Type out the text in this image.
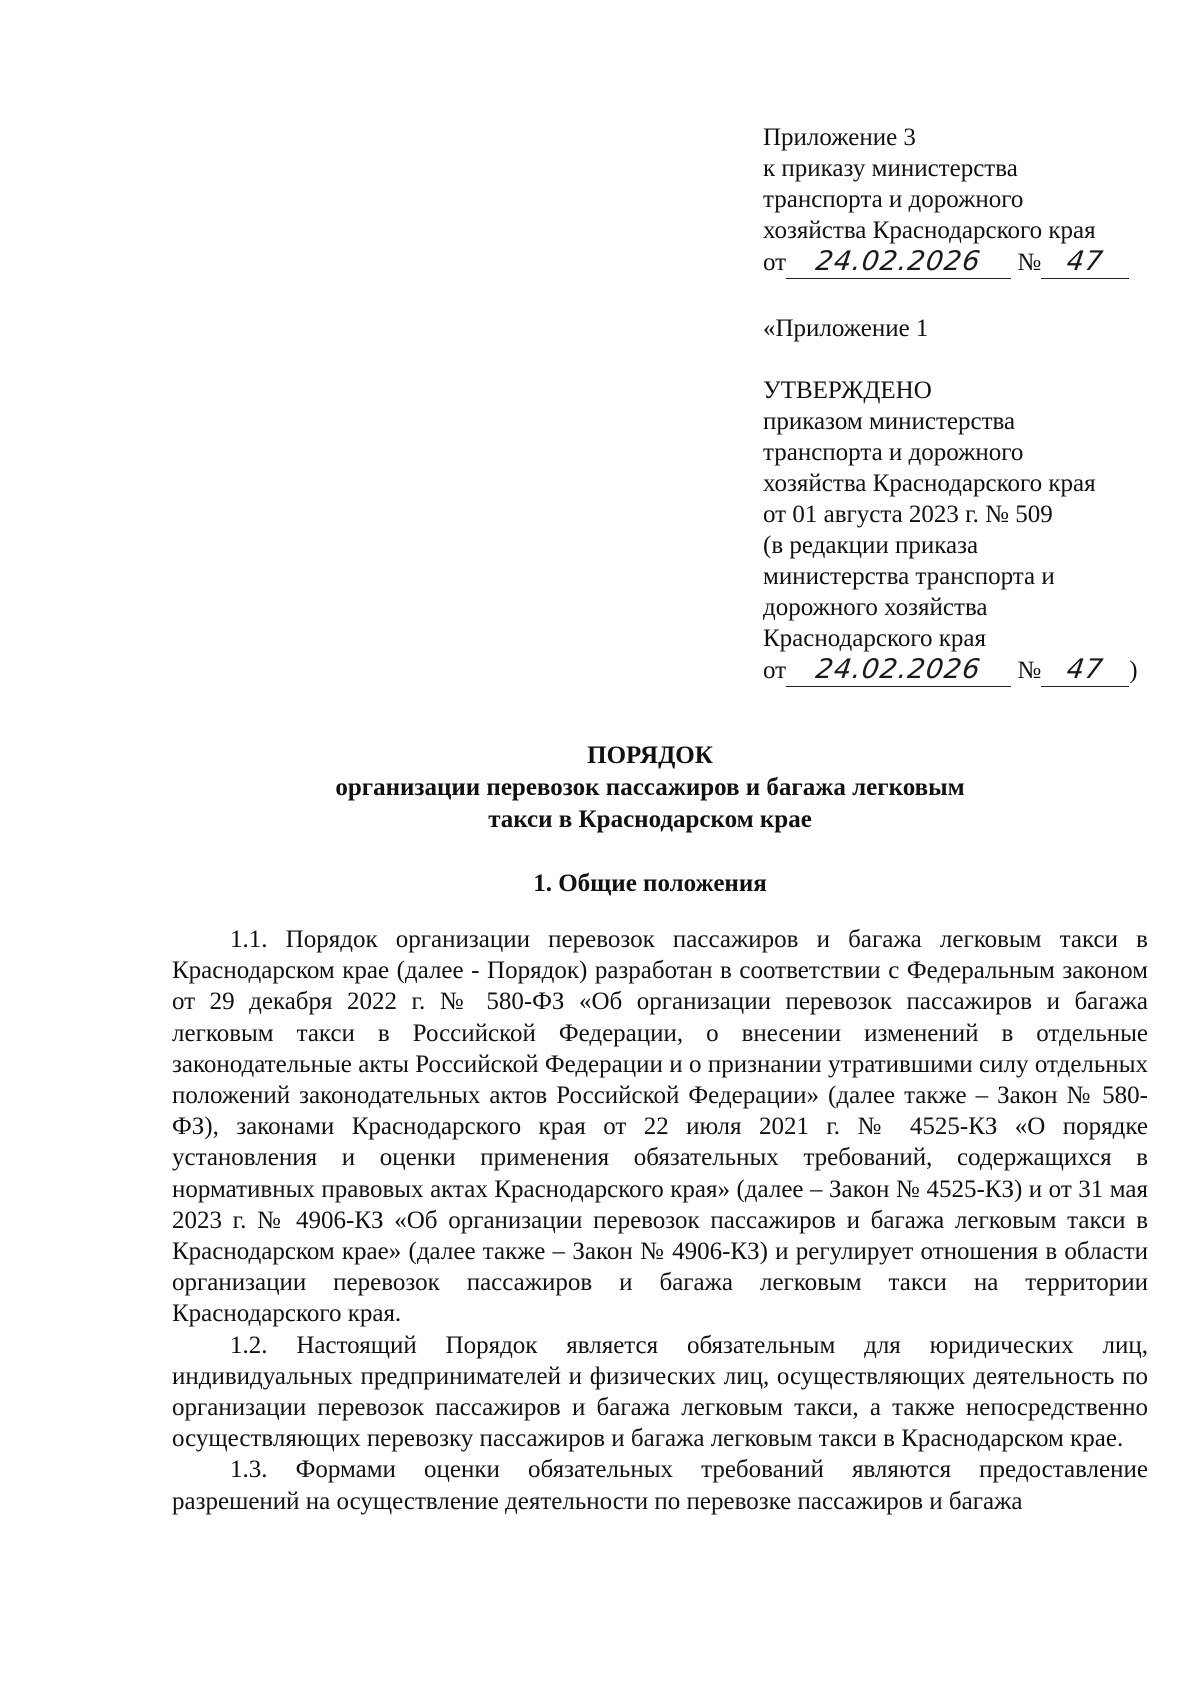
Приложение 3
к приказу министерства
транспорта и дорожного
хозяйства Краснодарского края
от 24.02.2026 № 47
«Приложение 1
УТВЕРЖДЕНО
приказом министерства
транспорта и дорожного
хозяйства Краснодарского края
от 01 августа 2023 г. № 509
(в редакции приказа
министерства транспорта и
дорожного хозяйства
Краснодарского края
от 24.02.2026 № 47 )
ПОРЯДОК
организации перевозок пассажиров и багажа легковым
такси в Краснодарском крае
1. Общие положения

1.1. Порядок организации перевозок пассажиров и багажа легковым такси в Краснодарском крае (далее - Порядок) разработан в соответствии с Федеральным законом от 29 декабря 2022 г. № 580-ФЗ «Об организации перевозок пассажиров и багажа легковым такси в Российской Федерации, о внесении изменений в отдельные законодательные акты Российской Федерации и о признании утратившими силу отдельных положений законодательных актов Российской Федерации» (далее также – Закон № 580-ФЗ), законами Краснодарского края от 22 июля 2021 г. № 4525-КЗ «О порядке установления и оценки применения обязательных требований, содержащихся в нормативных правовых актах Краснодарского края» (далее – Закон № 4525-КЗ) и от 31 мая 2023 г. № 4906-КЗ «Об организации перевозок пассажиров и багажа легковым такси в Краснодарском крае» (далее также – Закон № 4906-КЗ) и регулирует отношения в области организации перевозок пассажиров и багажа легковым такси на территории Краснодарского края.

1.2. Настоящий Порядок является обязательным для юридических лиц, индивидуальных предпринимателей и физических лиц, осуществляющих деятельность по организации перевозок пассажиров и багажа легковым такси, а также непосредственно осуществляющих перевозку пассажиров и багажа легковым такси в Краснодарском крае.

1.3. Формами оценки обязательных требований являются предоставление разрешений на осуществление деятельности по перевозке пассажиров и багажа
